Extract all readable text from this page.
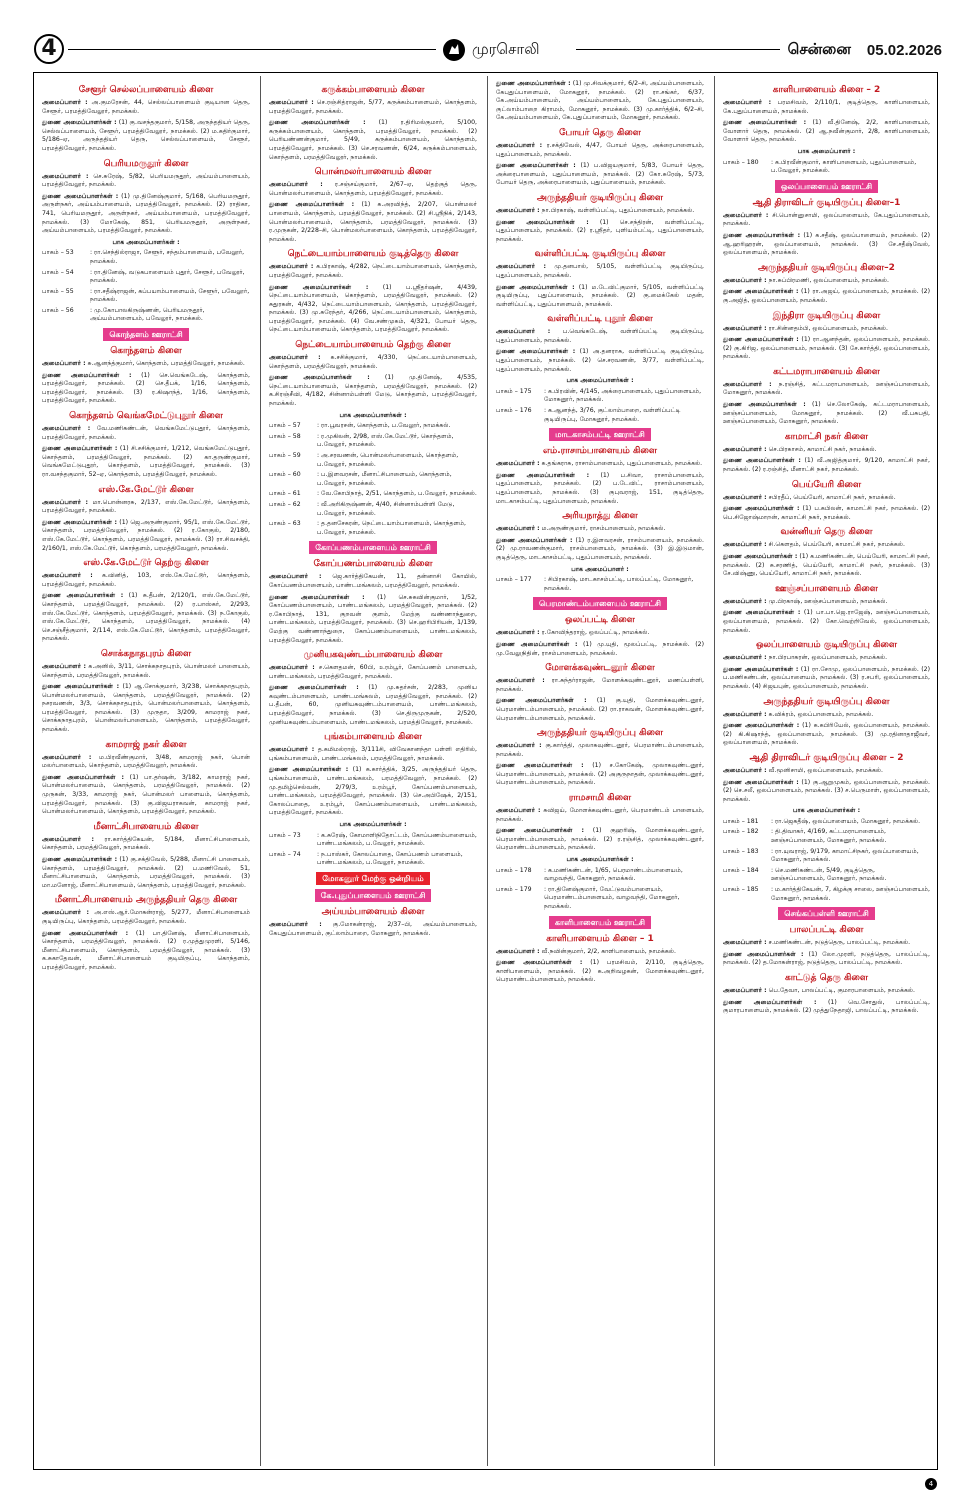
4	முரசொலி	சென்னை 05.02.2026
சேளூர் செல்லப்பாளையம் கிளை
அமைப்பாளர் : அ.குமரேசன், 44, செல்லப்பாளையம் குடியான தெரு, சேளூர், பரமத்திவேலூர், நாமக்கல்.
துணை அமைப்பாளர்கள் : (1) கு.வசந்தகுமார், 5/158, அருந்ததியர் தெரு, செல்லப்பாளையம், சேளூர், பரமத்திவேலூர், நாமக்கல். (2) ம.கதிர்குமார், 5/186–ஏ, அருந்ததியர் தெரு, செல்லப்பாளையம், சேளூர், பரமத்திவேலூர், நாமக்கல்.
பெரியமருதூர் கிளை
அமைப்பாளர் : செ.சுரேஷ், 5/82, பெரியமருதூர், அய்யம்பாளையம், பரமத்திவேலூர், நாமக்கல்.
துணை அமைப்பாளர்கள் : (1) மு.தினேஷ்குமார், 5/168, பெரியமருதூர், அருள்நகர், அய்யம்பாளையம், பரமத்திவேலூர், நாமக்கல். (2) ராதிகா, 741, பெரியமருதூர், அருள்நகர், அய்யம்பாளையம், பரமத்திவேலூர், நாமக்கல். (3) மோகேஷ், 851, பெரியமருதூர், அருள்நகர், அய்யம்பாளையம், பரமத்திவேலூர், நாமக்கல்.
பாக அமைப்பாளர்கள் :
பாகம் – 53	: ரா.செந்தில்ராஜா, சேளூர், சந்தம்பாளையம், பவேலூர், நாமக்கல்.
பாகம் – 54	: ரா.தினேஷ், வடுகபாளையம் புதூர், சேளூர், பவேலூர், நாமக்கல்.
பாகம் – 55	: ரா.சதீஷ்ராஜன், கப்பயாம்பாளையம், சேளூர், பவேலூர், நாமக்கல்.
பாகம் – 56	: மு.கோபாலகிருஷ்ணன், பெரியமருதூர், அய்யம்பாளையம், பவேலூர், நாமக்கல்.
கொந்தளம் ஊராட்சி
கொந்தளம் கிளை
அமைப்பாளர் : சு.ஆனந்த்குமார், கொந்தளம், பரமத்திவேலூர், நாமக்கல்.
துணை அமைப்பாளர்கள் : (1) செ.வெங்கடேஷ், கொந்தளம், பரமத்திவேலூர், நாமக்கல். (2) செ.தீபக், 1/16, கொந்தளம், பரமத்திவேலூர், நாமக்கல். (3) ர.கிஷாந்த், 1/16, கொந்தளம், பரமத்திவேலூர், நாமக்கல்.
கொந்தளம் வெங்கமேட்டுபுதூர் கிளை
அமைப்பாளர் : வே.மணிகண்டன், வெங்கமேட்டுபுதூர், கொந்தளம், பரமத்திவேலூர், நாமக்கல்.
துணை அமைப்பாளர்கள் : (1) சி.சசிக்குமார், 1/212, வெங்கமேட்டுபுதூர், கொந்தளம், பரமத்திவேலூர், நாமக்கல். (2) கா.தருண்குமார், வெங்கமேட்டுபுதூர், கொந்தளம், பரமத்திவேலூர், நாமக்கல். (3) ரா.வசந்தகுமார், 52–ஏ, கொந்தளம், பரமத்திவேலூர், நாமக்கல்.
எஸ்.கே.மேட்டூர் கிளை
அமைப்பாளர் : மா.பொன்னரசு, 2/137, எஸ்.கே.மேட்டூர், கொந்தளம், பரமத்திவேலூர், நாமக்கல்.
துணை அமைப்பாளர்கள் : (1) ஜெ.அருண்குமார், 95/1, எஸ்.கே.மேட்டூர், கொந்தளம், பரமத்திவேலூர், நாமக்கல். (2) ர.கோகுல், 2/180, எஸ்.கே.மேட்டூர், கொந்தளம், பரமத்திவேலூர், நாமக்கல். (3) ரா.சிவசக்தி, 2/160/1, எஸ்.கே.மேட்டூர், கொந்தளம், பரமத்திவேலூர், நாமக்கல்.
எஸ்.கே.மேட்டூர் தெற்கு கிளை
அமைப்பாளர் : க.வினித், 103, எஸ்.கே.மேட்டூர், கொந்தளம், பரமத்திவேலூர், நாமக்கல்.
துணை அமைப்பாளர்கள் : (1) சு.தீபன், 2/120/1, எஸ்.கே.மேட்டூர், கொந்தளம், பரமத்திவேலூர், நாமக்கல். (2) ர.பாஸ்கர், 2/293, எஸ்.கே.மேட்டூர், கொந்தளம், பரமத்திவேலூர், நாமக்கல். (3) ந.கோகுல், எஸ்.கே.மேட்டூர், கொந்தளம், பரமத்திவேலூர், நாமக்கல். (4) செ.சஞ்சீத்குமார், 2/114, எஸ்.கே.மேட்டூர், கொந்தளம், பரமத்திவேலூர், நாமக்கல்.
சொக்கநாதபுரம் கிளை
அமைப்பாளர் : க.அனில், 3/11, சொக்கநாதபுரம், பொன்மலர் பாளையம், கொந்தளம், பரமத்திவேலூர், நாமக்கல்.
துணை அமைப்பாளர்கள் : (1) ஆ.சோக்குமார், 3/238, சொக்கநாதபுரம், பொன்மலர்பாளையம், கொந்தளம், பரமத்திவேலூர், நாமக்கல். (2) நசரவணன், 3/3, சொக்கநாதபுரம், பொன்மலர்பாளையம், கொந்தளம், பரமத்திவேலூர், நாமக்கல். (3) முருதா, 3/209, காமராஜ் நகர், சொக்கநாதபுரம், பொன்மலர்பாளையம், கொந்தளம், பரமத்திவேலூர், நாமக்கல்.
காமராஜ் நகர் கிளை
அமைப்பாளர் : ம.பிரவீண்குமார், 3/48, காமராஜ் நகர், பொன் மலர்பாளையம், கொந்தளம், பரமத்திவேலூர், நாமக்கல்.
துணை அமைப்பாளர்கள் : (1) பா.தர்ஷன், 3/182, காமராஜ் நகர், பொன்மலர்பாளையம், கொந்தளம், பரமத்திவேலூர், நாமக்கல். (2) முருகன், 3/33, காமராஜ் நகர், பொன்மலர் பாளையம், கொந்தளம், பரமத்திவேலூர், நாமக்கல். (3) கு.விஜயராகவன், காமராஜ் நகர், பொன்மலர்பாளையம், கொந்தளம், பரமத்திவேலூர், நாமக்கல்.
மீனாட்சிபாளையம் கிளை
அமைப்பாளர் : ரா.கார்த்திகேயன், 5/184, மீனாட்சிபாளையம், கொந்தளம், பரமத்திவேலூர், நாமக்கல்.
துணை அமைப்பாளர்கள் : (1) கு.சக்திவேல், 5/288, மீனாட்சி பாளையம், கொந்தளம், பரமத்திவேலூர், நாமக்கல். (2) ப.மணிவேல், 51, மீனாட்சிபாளையம், கொந்தளம், பரமத்திவேலூர், நாமக்கல். (3) மா.மனோஜ், மீனாட்சிபாளையம், கொந்தளம், பரமத்திவேலூர், நாமக்கல்.
மீனாட்சிபாளையம் அருந்ததியர் தெரு கிளை
அமைப்பாளர் : அ.எஸ்.ஆர்.மோகன்ராஜ், 5/277, மீனாட்சிபாளையம் குடியிருப்பு, கொந்தளம், பரமத்திவேலூர், நாமக்கல்.
துணை அமைப்பாளர்கள் : (1) பா.தினேஷ், மீனாட்சிபாளையம், கொந்தளம், பரமத்திவேலூர், நாமக்கல். (2) ர.முத்துமுரளி, 5/146, மீனாட்சிபாளையம், கொந்தளம், பரமத்திவேலூர், நாமக்கல். (3) க.சுகாதேவன், மீனாட்சிபாளையம் குடியிருப்பு, கொந்தளம், பரமத்திவேலூர், நாமக்கல்.
கருக்கம்பாளையம் கிளை
அமைப்பாளர் : செ.ரஞ்சித்ராஜன், 5/77, கருக்கம்பாளையம், கொந்தளம், பரமத்திவேலூர், நாமக்கல்.
துணை அமைப்பாளர்கள் : (1) ர.திரிமல்குமார், 5/100, கருக்கம்பாளையம், கொந்தளம், பரமத்திவேலூர், நாமக்கல். (2) பெரியண்ணன்குமார், 5/49, கருக்கம்பாளையம், கொந்தளம், பரமத்திவேலூர், நாமக்கல். (3) செ.சரவணன், 6/24, கருக்கம்பாளையம், கொந்தளம், பரமத்திவேலூர், நாமக்கல்.
பொன்மலர்பாளையம் கிளை
அமைப்பாளர் : ர.சஞ்சய்குமார், 2/67–ஏ, தெற்குத் தெரு, பொன்மலர்பாளையம், கொந்தளம், பரமத்திவேலூர், நாமக்கல்.
துணை அமைப்பாளர்கள் : (1) க.அரவிந்த், 2/207, பொன்மலர் பாளையம், கொந்தளம், பரமத்திவேலூர், நாமக்கல். (2) சி.ஸ்ரீநிக், 2/143, பொன்மலர்பாளையம், கொந்தளம், பரமத்திவேலூர், நாமக்கல். (3) ர.முருகன், 2/228–சி, பொன்மலர்பாளையம், கொந்தளம், பரமத்திவேலூர், நாமக்கல்.
நெட்டையாம்பாளையம் குடித்தெரு கிளை
அமைப்பாளர் : க.பிரகாஷ், 4/282, நெட்டையாம்பாளையம், கொந்தளம், பரமத்திவேலூர், நாமக்கல்.
துணை அமைப்பாளர்கள் : (1) ப.ஸ்ரீதர்ஷன், 4/439, நெட்டையாம்பாளையம், கொந்தளம், பரமத்திவேலூர், நாமக்கல். (2) சுதுரகன், 4/432, நெட்டையாம்பாளையம், கொந்தளம், பரமத்திவேலூர், நாமக்கல். (3) மு.சுரேந்தர், 4/266, நெட்டையாம்பாளையம், கொந்தளம், பரமத்திவேலூர், நாமக்கல். (4) வே.சண்முகம், 4/321, போயர் தெரு, நெட்டையாம்பாளையம், கொந்தளம், பரமத்திவேலூர், நாமக்கல்.
நெட்டையாம்பாளையம் தெற்கு கிளை
அமைப்பாளர் : க.சசிக்குமார், 4/330, நெட்டையாம்பாளையம், கொந்தளம், பரமத்திவேலூர், நாமக்கல்.
துணை அமைப்பாளர்கள் : (1) மு.தினேஷ், 4/535, நெட்டையாம்பாளையம், கொந்தளம், பரமத்திவேலூர், நாமக்கல். (2) க.சிரஞ்சீவி, 4/182, சின்னாம்பள்ளி மேடு, கொந்தளம், பரமத்திவேலூர், நாமக்கல்.
பாக அமைப்பாளர்கள் :
பாகம் – 57	: ரா.பூவரசன், கொந்தளம், ப.வேலூர், நாமக்கல்.
பாகம் – 58	: ர.முகிலன், 2/98, எஸ்.கே.மேட்டூர், கொந்தளம், ப.வேலூர், நாமக்கல்.
பாகம் – 59	: அ.சரவணன், பொன்மலர்பாளையம், கொந்தளம், ப.வேலூர், நாமக்கல்.
பாகம் – 60	: ப.இளவரசன், மீனாட்சிபாளையம், கொந்தளம், ப.வேலூர், நாமக்கல்.
பாகம் – 61	: வே.கோபிநாத், 2/51, கொந்தளம், ப.வேலூர், நாமக்கல்.
பாகம் – 62	: வீ.அரிகிருஷ்ணன், 4/40, சின்னாம்பள்ளி மேடு, ப.வேலூர், நாமக்கல்.
பாகம் – 63	: த.தனசேகரன், நெட்டையாம்பாளையம், கொந்தளம், ப.வேலூர், நாமக்கல்.
கோப்பணம்பாளையம் ஊராட்சி
கோப்பணம்பாளையம் கிளை
அமைப்பாளர் : ஜெ.கார்த்திகேயன், 11, தன்னாசி கோயில், கோப்பணம்பாளையம், பாண்டமங்கலம், பரமத்திவேலூர், நாமக்கல்.
துணை அமைப்பாளர்கள் : (1) செ.சுகவின்குமார், 1/52, கோப்பணம்பாளையம், பாண்டமங்கலம், பரமத்திவேலூர், நாமக்கல். (2) ர.கோபிநாத், 131, குறவன் குளம், மேற்கு வண்ணாந்துறை, பாண்டமங்கலம், பரமத்திவேலூர், நாமக்கல். (3) செ.ஹரிபிரியன், 1/139, மேற்கு வண்ணாந்துறை, கோப்பணம்பாளையம், பாண்டமங்கலம், பரமத்திவேலூர், நாமக்கல்.
முனியகவுண்டம்பாளையம் கிளை
அமைப்பாளர் : ச.கௌதமன், 60பி, உரம்பூர், கோப்பணம் பாளையம், பாண்டமங்கலம், பரமத்திவேலூர், நாமக்கல்.
துணை அமைப்பாளர்கள் : (1) மு.சுதர்சன், 2/283, முனிய கவுண்டம்பாளையம், பாண்டமங்கலம், பரமத்திவேலூர், நாமக்கல். (2) ப.தீபன், 60, முனியகவுண்டம்பாளையம், பாண்டமங்கலம், பரமத்திவேலூர், நாமக்கல். (3) செ.திருமுருகன், 2/520, முனியகவுண்டம்பாளையம், பாண்டமங்கலம், பரமத்திவேலூர், நாமக்கல்.
புங்கம்பாளையம் கிளை
அமைப்பாளர் : த.கமிமல்ராஜ், 3/111சி, விவேகானந்தா பள்ளி எதிரில், புங்கம்பாளையம், பாண்டமங்கலம், பரமத்திவேலூர், நாமக்கல்.
துணை அமைப்பாளர்கள் : (1) க.கார்த்திக், 3/25, அருந்ததியர் தெரு, புங்கம்பாளையம், பாண்டமங்கலம், பரமத்திவேலூர், நாமக்கல். (2) மு.தமிழ்செல்வன், 2/79/3, உரம்பூர், கோப்பணம்பாளையம், பாண்டமங்கலம், பரமத்திவேலூர், நாமக்கல். (3) செ.அபிஷேக், 2/151, கோலப்பாதை, உரம்பூர், கோப்பணம்பாளையம், பாண்டமங்கலம், பரமத்திவேலூர், நாமக்கல்.
பாக அமைப்பாளர்கள் :
பாகம் – 73	: க.சுரேஷ், கோமாளிநிதோட்டம், கோப்பணம்பாளையம், பாண்டமங்கலம், ப.வேலூர், நாமக்கல்.
பாகம் – 74	: ந.பாஸ்கர், கோலப்பாதை, கோப்பணம் பாளையம், பாண்டமங்கலம், ப.வேலூர், நாமக்கல்.
மோகனூர் மேற்கு ஒன்றியம்
கே.புதுப்பாளையம் ஊராட்சி
அய்யம்பாளையம் கிளை
அமைப்பாளர் : கு.மோகன்ராஜ், 2/37–பி, அய்யம்பாளையம், கேபுதுப்பாளையம், குட்லாம்பாறை, மோகனூர், நாமக்கல்.
துணை அமைப்பாளர்கள் : (1) மு.சிவக்குமார், 6/2–சி, அய்யம்பாளையம், கேபுதுப்பாளையம், மோகனூர், நாமக்கல். (2) ரா.சங்கர், 6/37, கே.அய்யம்பாளையம், அய்யம்பாளையம், கே.புதுப்பாளையம், குட்லாம்பாறை கிராமம், மோகனூர், நாமக்கல். (3) மு.கார்த்திக், 6/2–சி, கே.அய்யம்பாளையம், கே.புதுப்பாளையம், மோகனூர், நாமக்கல்.
போயர் தெரு கிளை
அமைப்பாளர் : ர.சக்திவேல், 4/47, போயர் தெரு, அக்ரைபாளையம், புதுப்பாளையம், நாமக்கல்.
துணை அமைப்பாளர்கள் : (1) ப.விஜயகுமார், 5/83, போயர் தெரு, அக்ரைபாளையம், புதுப்பாளையம், நாமக்கல். (2) கோ.சுரேஷ், 5/73, போயர் தெரு, அக்ரைபாளையம், புதுப்பாளையம், நாமக்கல்.
அருந்ததியர் குடியிருப்பு கிளை
அமைப்பாளர் : நா.பிரகாஷ், வள்ளிப்பட்டி, புதுப்பாளையம், நாமக்கல்.
துணை அமைப்பாளர்கள் : (1) செ.சந்திரன், வள்ளிப்பட்டி, புதுப்பாளையம், நாமக்கல். (2) ர.ஸ்ரீதர், புளியம்பட்டி, புதுப்பாளையம், நாமக்கல்.
வள்ளிப்பட்டி குடியிருப்பு கிளை
அமைப்பாளர் : மு.தனபால், 5/105, வள்ளிப்பட்டி குடியிருப்பு, புதுப்பாளையம், நாமக்கல்.
துணை அமைப்பாளர்கள் : (1) ம.டேவிட்குமார், 5/105, வள்ளிப்பட்டி குடியிருப்பு, புதுப்பாளையம், நாமக்கல். (2) கு.மைக்கேல் மதன், வள்ளிப்பட்டி, புதுப்பாளையம், நாமக்கல்.
வள்ளிப்பட்டி புதூர் கிளை
அமைப்பாளர் : ப.வெங்கடேஷ், வள்ளிப்பட்டி குடியிருப்பு, புதுப்பாளையம், நாமக்கல்.
துணை அமைப்பாளர்கள் : (1) அ.தனராசு, வள்ளிப்பட்டி குடியிருப்பு, புதுப்பாளையம், நாமக்கல். (2) செ.சரவணன், 3/77, வள்ளிப்பட்டி, புதுப்பாளையம், நாமக்கல்.
பாக அமைப்பாளர்கள் :
பாகம் – 175	: க.பிரவின், 4/145, அக்ரைபாளையம், புதுப்பாளையம், மோகனூர், நாமக்கல்.
பாகம் – 176	: க.ஆனந்த், 3/76, குட்லாம்பாறை, வள்ளிப்பட்டி குடியிருப்பு, மோகனூர், நாமக்கல்.
மாடகாசம்பட்டி ஊராட்சி
எம்.ராசாம்பாளையம் கிளை
அமைப்பாளர் : க.தங்கராசு, ராசாம்பாளையம், புதுப்பாளையம், நாமக்கல்.
துணை அமைப்பாளர்கள் : (1) ப.சிவா, ராசாம்பாளையம், புதுப்பாளையம், நாமக்கல். (2) ப.டேவிட், ராசாம்பாளையம், புதுப்பாளையம், நாமக்கல். (3) குபுவராஜ், 151, குடித்தெரு, மாடகாசம்பட்டி, புதுப்பாளையம், நாமக்கல்.
அரியநாத்து கிளை
அமைப்பாளர் : ம.அருண்குமார், ராசம்பாளையம், நாமக்கல்.
துணை அமைப்பாளர்கள் : (1) ர.இளவரசன், ராசம்பாளையம், நாமக்கல். (2) மு.ராவணன்குமார், ராசம்பாளையம், நாமக்கல். (3) இ.இடுமான், குடித்தெரு, மாடகாசம்பட்டி, புதுப்பாளையம், நாமக்கல்.
பாக அமைப்பாளர் :
பாகம் – 177	: சிபிரகாஷ், மாடகாசம்பட்டி, பாலப்பட்டி, மோகனூர், நாமக்கல்.
பெரமாண்டம்பாளையம் ஊராட்சி
ஒலப்பட்டி கிளை
அமைப்பாளர் : ர.கோவிந்தராஜ், ஒலப்பட்டி, நாமக்கல்.
துணை அமைப்பாளர்கள் : (1) மு.யுதி, மூலப்பட்டி, நாமக்கல். (2) மு.வேலுநிதின், ராசம்பாளையம், நாமக்கல்.
மோளக்கவுண்டனூர் கிளை
அமைப்பாளர் : ரா.சுந்தர்ராஜன், மோளக்கவுண்டனூர், மணப்பள்ளி, நாமக்கல்.
துணை அமைப்பாளர்கள் : (1) கு.யுதி, மோளக்கவுண்டனூர், பெரமாண்டம்பாளையம், நாமக்கல். (2) ரா.ராகவன், மோளக்கவுண்டனூர், பெரமாண்டம்பாளையம், நாமக்கல்.
அருந்ததியர் குடியிருப்பு கிளை
அமைப்பாளர் : கு.கார்த்தி, முலாகவுண்டனூர், பெரமாண்டம்பாளையம், நாமக்கல்.
துணை அமைப்பாளர்கள் : (1) ச.கோகேஷ், முலாகவுண்டனூர், பெரமாண்டம்பாளையம், நாமக்கல். (2) அகுருநாதன், முலாக்கவுண்டனூர், பெரமாண்டம்பாளையம், நாமக்கல்.
ராமசாமி கிளை
அமைப்பாளர் : சுவிஜய், மோளக்கவுண்டனூர், பெரமாண்டம் பாளையம், நாமக்கல்.
துணை அமைப்பாளர்கள் : (1) குஹரிஷ், மோளக்கவுண்டனூர், பெரமாண்டம்பாளையம், நாமக்கல். (2) ர.ரஞ்சித், முலாக்கவுண்டனூர், பெரமாண்டம்பாளையம், நாமக்கல்.
பாக அமைப்பாளர்கள் :
பாகம் – 178	: க.மணிகண்டன், 1/65, பெரமாண்டம்பாளையம், வாழவந்தி, கோகனூர், நாமக்கல்.
பாகம் – 179	: ரா.தினேஷ்குமார், வேட்டுவம்பாளையம், பெரமாண்டம்பாளையம், வாழவந்தி, மோகனூர், நாமக்கல்.
காளிபாளையம் ஊராட்சி
காளிபாளையம் கிளை – 1
அமைப்பாளர் : வீ.நவின்குமார், 2/2, காளிபாளையம், நாமக்கல்.
துணை அமைப்பாளர்கள் : (1) பரமசிவம், 2/110, குடித்தெரு, காளிபாளையம், நாமக்கல். (2) க.அறிவழகன், மோளக்கவுண்டனூர், பெரமாண்டம்பாளையம், நாமக்கல்.
காளிபாளையம் கிளை – 2
அமைப்பாளர் : பரமசிவம், 2/110/1, குடித்தெரு, காளிபாளையம், கே.புதுப்பாளையம், நாமக்கல்.
துணை அமைப்பாளர்கள் : (1) வீ.தினேஷ், 2/2, காளிபாளையம், வோளார் தெரு, நாமக்கல். (2) ஆ.நவீன்குமார், 2/8, காளிபாளையம், வோளார் தெரு, நாமக்கல்.
பாக அமைப்பாளர் :
பாகம் – 180	: க.பிரவீன்குமார், காளிபாளையம், புதுப்பாளையம், ப.வேலூர், நாமக்கல்.
ஒலப்பாளையம் ஊராட்சி
ஆதி திராவிடர் குடியிருப்பு கிளை–1
அமைப்பாளர் : சி.பொன்னுசாமி, ஒலப்பாளையம், கே.புதுப்பாளையம், நாமக்கல்.
துணை அமைப்பாளர்கள் : (1) க.சதீஷ், ஒலப்பாளையம், நாமக்கல். (2) ஆ.ஹரிஹரன், ஒலப்பாளையம், நாமக்கல். (3) சே.சதீஷ்வேல், ஒலப்பாளையம், நாமக்கல்.
அருந்ததியர் குடியிருப்பு கிளை–2
அமைப்பாளர் : நா.சுப்பிரமணி, ஒலப்பாளையம், நாமக்கல்.
துணை அமைப்பாளர்கள் : (1) ரா.அஜய், ஒலப்பாளையம், நாமக்கல். (2) கு.அஜித், ஒலப்பாளையம், நாமக்கல்.
இந்திரா குடியிருப்பு கிளை
அமைப்பாளர் : ரா.சின்னதம்பி, ஒலப்பாளையம், நாமக்கல்.
துணை அமைப்பாளர்கள் : (1) ரா.ஆனந்தன், ஒலப்பாளையம், நாமக்கல். (2) கு.கிரிஜ, ஒலப்பாளையம், நாமக்கல். (3) சே.கார்த்தி, ஒலப்பாளையம், நாமக்கல்.
கட்டமராபாளையம் கிளை
அமைப்பாளர் : ந.ரஞ்சித், கட்டமராபாளையம், ஊஞ்சப்பாளையம், மோகனூர், நாமக்கல்.
துணை அமைப்பாளர்கள் : (1) செ.லோகேஷ், கட்டமராபாளையம், ஊஞ்சப்பாளையம், மோகனூர், நாமக்கல். (2) வீ.பசுபதி, ஊஞ்சப்பாளையம், மோகனூர், நாமக்கல்.
காமாட்சி நகர் கிளை
அமைப்பாளர் : செ.பிரகாசம், காமாட்சி நகர், நாமக்கல்.
துணை அமைப்பாளர்கள் : (1) வீ.அஜித்குமார், 9/120, காமாட்சி நகர், நாமக்கல். (2) ர.ரஞ்சித், மீனாட்சி நகர், நாமக்கல்.
பெய்யேரி கிளை
அமைப்பாளர் : சபிரதீப், பெய்யேரி, காமாட்சி நகர், நாமக்கல்.
துணை அமைப்பாளர்கள் : (1) ப.கபிலன், காமாட்சி நகர், நாமக்கல். (2) பெ.சிஜோஷ்மாறன், காமாட்சி நகர், நாமக்கல்.
வன்னியர் தெரு கிளை
அமைப்பாளர் : சி.கௌதம், பெய்யேரி, காமாட்சி நகர், நாமக்கல்.
துணை அமைப்பாளர்கள் : (1) க.மணிகண்டன், பெய்யேரி, காமாட்சி நகர், நாமக்கல். (2) சு.சரணித், பெய்யேரி, காமாட்சி நகர், நாமக்கல். (3) சே.விஷ்ணு, பெய்யேரி, காமாட்சி நகர், நாமக்கல்.
ஊஞ்சப்பாளையம் கிளை
அமைப்பாளர் : மு.பிரகாஷ், ஊஞ்சப்பாளையம், நாமக்கல்.
துணை அமைப்பாளர்கள் : (1) பா.பா.ஜெ.ராஜேஷ், ஊஞ்சப்பாளையம், ஒலப்பாளையம், நாமக்கல். (2) கோ.வெற்றிவேல், ஒலப்பாளையம், நாமக்கல்.
ஒலப்பாளையம் குடியிருப்பு கிளை
அமைப்பாளர் : நா.பிரபாகரன், ஒலப்பாளையம், நாமக்கல்.
துணை அமைப்பாளர்கள் : (1) ரா.சோமு, ஒலப்பாளையம், நாமக்கல். (2) ப.மணிகண்டன், ஒலப்பாளையம், நாமக்கல். (3) ர.சபரி, ஒலப்பாளையம், நாமக்கல். (4) சிஜயபுன், ஒலப்பாளையம், நாமக்கல்.
அருந்ததியர் குடியிருப்பு கிளை
அமைப்பாளர் : க.விக்ரம், ஒலப்பாளையம், நாமக்கல்.
துணை அமைப்பாளர்கள் : (1) க.கபிரியேல், ஒலப்பாளையம், நாமக்கல். (2) கி.கிஷாந்த், ஒலப்பாளையம், நாமக்கல். (3) மு.ரதினாதாஜீவர், ஒலப்பாளையம், நாமக்கல்.
ஆதி திராவிடர் குடியிருப்பு கிளை – 2
அமைப்பாளர் : வீ.மூனிசாமி, ஒலப்பாளையம், நாமக்கல்.
துணை அமைப்பாளர்கள் : (1) கு.ஆறுமுகம், ஒலப்பாளையம், நாமக்கல். (2) செ.சலீ, ஒலப்பாளையம், நாமக்கல். (3) ச.பெருமாள், ஒலப்பாளையம், நாமக்கல்.
பாக அமைப்பாளர்கள் :
பாகம் – 181	: ரா.ஜெகதீஷ், ஒலப்பாளையம், மோகனூர், நாமக்கல்.
பாகம் – 182	: தி.திவாகர், 4/169, கட்டமராபாளையம், ஊஞ்சப்பாளையம், மோகனூர், நாமக்கல்.
பாகம் – 183	: ரா.யுவராஜ், 9/179, காமாட்சிநகர், ஒலப்பாளையம், மோகனூர், நாமக்கல்.
பாகம் – 184	: செ.மணிகண்டன், 5/49, குடித்தெரு, ஊஞ்சப்பாளையம், மோகனூர், நாமக்கல்.
பாகம் – 185	: ம.கார்த்திகேயன், 7, கிழக்கு சாலை, ஊஞ்சப்பாளையம், மோகனூர், நாமக்கல்.
செங்கப்பள்ளி ஊராட்சி
பாலப்பட்டி கிளை
அமைப்பாளர் : ச.மணிகண்டன், நடுத்தெரு, பாலப்பட்டி, நாமக்கல்.
துணை அமைப்பாளர்கள் : (1) லோ.முரளி, நடுத்தெரு, பாலப்பட்டி, நாமக்கல். (2) த.மோகன்ராஜ், நடுத்தெரு, பாலப்பட்டி, நாமக்கல்.
காட்டுத் தெரு கிளை
அமைப்பாளர் : பெ.தேவா, பாலப்பட்டி, குமாரபாளையம், நாமக்கல்.
துணை அமைப்பாளர்கள் : (1) வெ.சோதுல், பாலப்பட்டி, குமாரபாளையம், நாமக்கல். (2) முத்துநேதாஜி, பாலப்பட்டி, நாமக்கல்.
4
